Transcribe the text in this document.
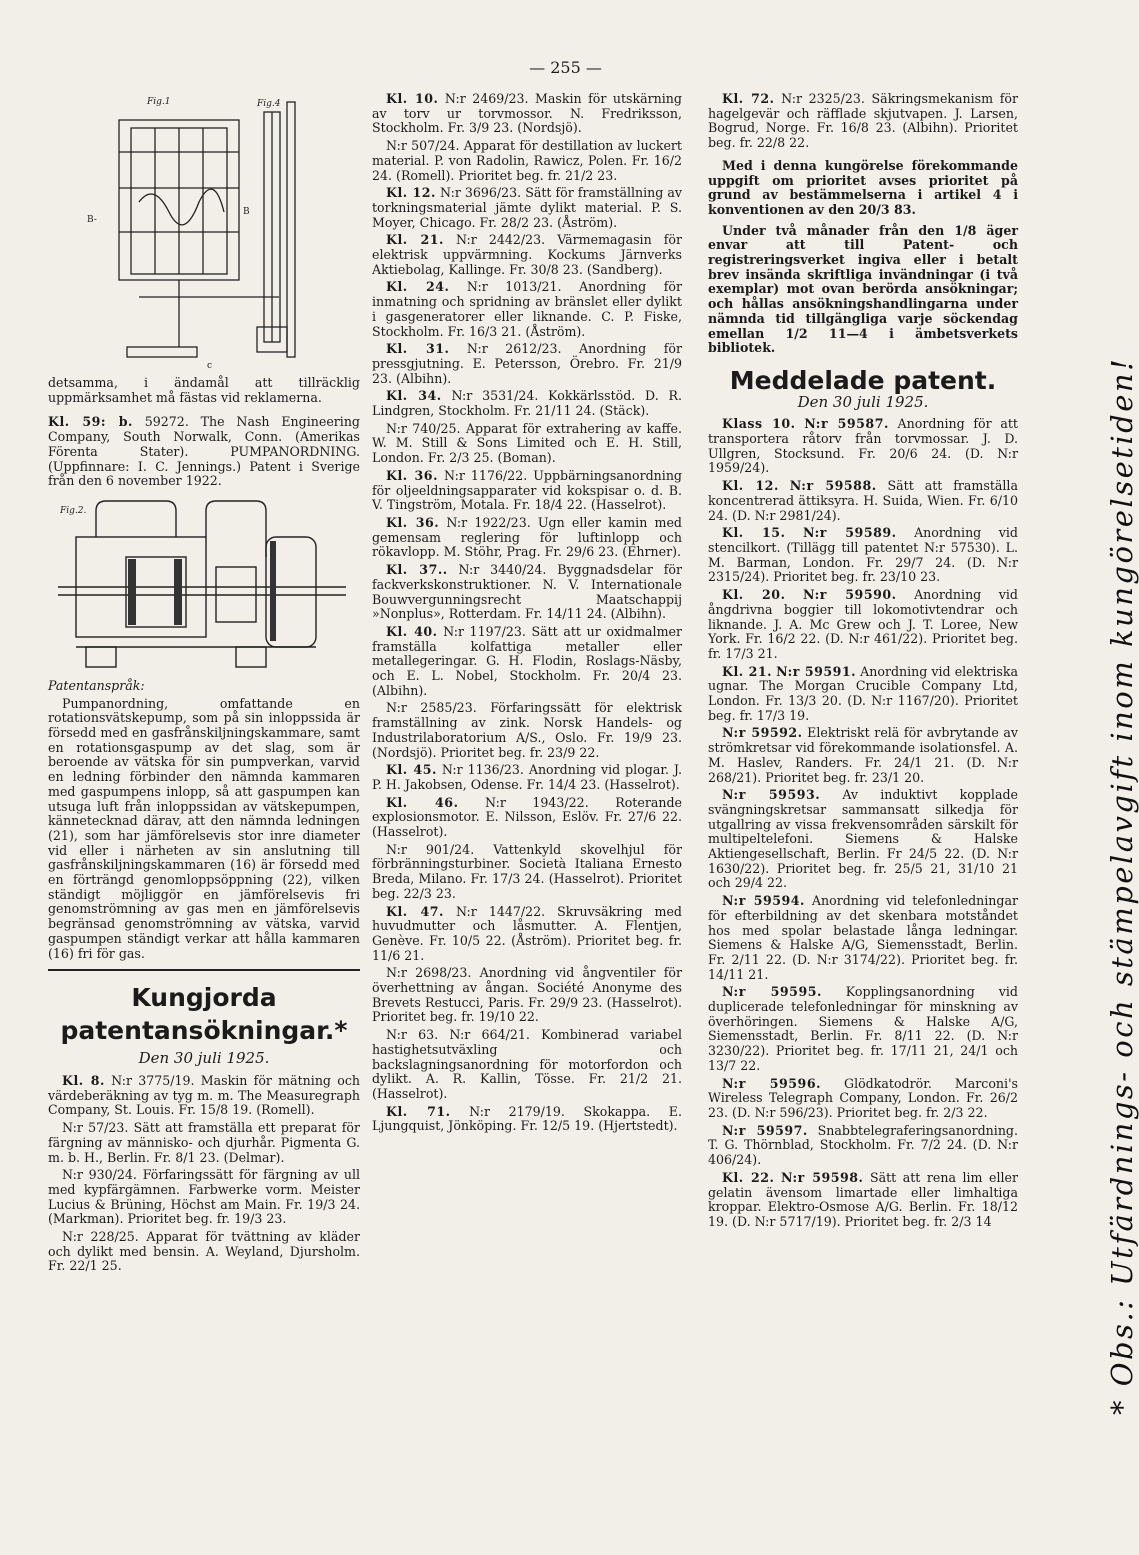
— 255 —
Fig.1	Fig.4
B-
B
c

detsamma, i ändamål att tillräcklig uppmärksamhet må fästas vid reklamerna.

Kl. 59: b. 59272. The Nash Engineering Company, South Norwalk, Conn. (Amerikas Förenta Stater). PUMPANORDNING. (Uppfinnare: I. C. Jennings.) Patent i Sverige från den 6 november 1922.

Fig.2.

Patentanspråk:

Pumpanordning, omfattande en rotationsvätskepump, som på sin inloppssida är försedd med en gasfrånskiljningskammare, samt en rotationsgaspump av det slag, som är beroende av vätska för sin pumpverkan, varvid en ledning förbinder den nämnda kammaren med gaspumpens inlopp, så att gaspumpen kan utsuga luft från inloppssidan av vätskepumpen, kännetecknad därav, att den nämnda ledningen (21), som har jämförelsevis stor inre diameter vid eller i närheten av sin anslutning till gasfrånskiljningskammaren (16) är försedd med en förträngd genomloppsöppning (22), vilken ständigt möjliggör en jämförelsevis fri genomströmning av gas men en jämförelsevis begränsad genomströmning av vätska, varvid gaspumpen ständigt verkar att hålla kammaren (16) fri för gas.

Kungjorda patentansökningar.*
Den 30 juli 1925.

Kl. 8. N:r 3775/19. Maskin för mätning och värdeberäkning av tyg m. m. The Measuregraph Company, St. Louis. Fr. 15/8 19. (Romell).

N:r 57/23. Sätt att framställa ett preparat för färgning av människo- och djurhår. Pigmenta G. m. b. H., Berlin. Fr. 8/1 23. (Delmar).

N:r 930/24. Förfaringssätt för färgning av ull med kypfärgämnen. Farbwerke vorm. Meister Lucius & Brüning, Höchst am Main. Fr. 19/3 24. (Markman). Prioritet beg. fr. 19/3 23.

N:r 228/25. Apparat för tvättning av kläder och dylikt med bensin. A. Weyland, Djursholm. Fr. 22/1 25.

Kl. 10. N:r 2469/23. Maskin för utskärning av torv ur torvmossor. N. Fredriksson, Stockholm. Fr. 3/9 23. (Nordsjö).

N:r 507/24. Apparat för destillation av luckert material. P. von Radolin, Rawicz, Polen. Fr. 16/2 24. (Romell). Prioritet beg. fr. 21/2 23.

Kl. 12. N:r 3696/23. Sätt för framställning av torkningsmaterial jämte dylikt material. P. S. Moyer, Chicago. Fr. 28/2 23. (Åström).

Kl. 21. N:r 2442/23. Värmemagasin för elektrisk uppvärmning. Kockums Järnverks Aktiebolag, Kallinge. Fr. 30/8 23. (Sandberg).

Kl. 24. N:r 1013/21. Anordning för inmatning och spridning av bränslet eller dylikt i gasgeneratorer eller liknande. C. P. Fiske, Stockholm. Fr. 16/3 21. (Åström).

Kl. 31. N:r 2612/23. Anordning för pressgjutning. E. Petersson, Örebro. Fr. 21/9 23. (Albihn).

Kl. 34. N:r 3531/24. Kokkärlsstöd. D. R. Lindgren, Stockholm. Fr. 21/11 24. (Stäck).

N:r 740/25. Apparat för extrahering av kaffe. W. M. Still & Sons Limited och E. H. Still, London. Fr. 2/3 25. (Boman).

Kl. 36. N:r 1176/22. Uppbärningsanordning för oljeeldningsapparater vid kokspisar o. d. B. V. Tingström, Motala. Fr. 18/4 22. (Hasselrot).

Kl. 36. N:r 1922/23. Ugn eller kamin med gemensam reglering för luftinlopp och rökavlopp. M. Stöhr, Prag. Fr. 29/6 23. (Ehrner).

Kl. 37.. N:r 3440/24. Byggnadsdelar för fackverkskonstruktioner. N. V. Internationale Bouwvergunningsrecht Maatschappij »Nonplus», Rotterdam. Fr. 14/11 24. (Albihn).

Kl. 40. N:r 1197/23. Sätt att ur oxidmalmer framställa kolfattiga metaller eller metallegeringar. G. H. Flodin, Roslags-Näsby, och E. L. Nobel, Stockholm. Fr. 20/4 23. (Albihn).

N:r 2585/23. Förfaringssätt för elektrisk framställning av zink. Norsk Handels- og Industrilaboratorium A/S., Oslo. Fr. 19/9 23. (Nordsjö). Prioritet beg. fr. 23/9 22.

Kl. 45. N:r 1136/23. Anordning vid plogar. J. P. H. Jakobsen, Odense. Fr. 14/4 23. (Hasselrot).

Kl. 46. N:r 1943/22. Roterande explosionsmotor. E. Nilsson, Eslöv. Fr. 27/6 22. (Hasselrot).

N:r 901/24. Vattenkyld skovelhjul för förbränningsturbiner. Società Italiana Ernesto Breda, Milano. Fr. 17/3 24. (Hasselrot). Prioritet beg. 22/3 23.

Kl. 47. N:r 1447/22. Skruvsäkring med huvudmutter och låsmutter. A. Flentjen, Genève. Fr. 10/5 22. (Åström). Prioritet beg. fr. 11/6 21.

N:r 2698/23. Anordning vid ångventiler för överhettning av ångan. Société Anonyme des Brevets Restucci, Paris. Fr. 29/9 23. (Hasselrot). Prioritet beg. fr. 19/10 22.

N:r 63. N:r 664/21. Kombinerad variabel hastighetsutväxling och backslagningsanordning för motorfordon och dylikt. A. R. Kallin, Tösse. Fr. 21/2 21. (Hasselrot).

Kl. 71. N:r 2179/19. Skokappa. E. Ljungquist, Jönköping. Fr. 12/5 19. (Hjertstedt).

Kl. 72. N:r 2325/23. Säkringsmekanism för hagelgevär och räfflade skjutvapen. J. Larsen, Bogrud, Norge. Fr. 16/8 23. (Albihn). Prioritet beg. fr. 22/8 22.

Med i denna kungörelse förekommande uppgift om prioritet avses prioritet på grund av bestämmelserna i artikel 4 i konventionen av den 20/3 83.

Under två månader från den 1/8 äger envar att till Patent- och registreringsverket ingiva eller i betalt brev insända skriftliga invändningar (i två exemplar) mot ovan berörda ansökningar; och hållas ansökningshandlingarna under nämnda tid tillgängliga varje söckendag emellan 1/2 11—4 i ämbetsverkets bibliotek.

Meddelade patent.
Den 30 juli 1925.

Klass 10. N:r 59587. Anordning för att transportera råtorv från torvmossar. J. D. Ullgren, Stocksund. Fr. 20/6 24. (D. N:r 1959/24).

Kl. 12. N:r 59588. Sätt att framställa koncentrerad ättiksyra. H. Suida, Wien. Fr. 6/10 24. (D. N:r 2981/24).

Kl. 15. N:r 59589. Anordning vid stencilkort. (Tillägg till patentet N:r 57530). L. M. Barman, London. Fr. 29/7 24. (D. N:r 2315/24). Prioritet beg. fr. 23/10 23.

Kl. 20. N:r 59590. Anordning vid ångdrivna boggier till lokomotivtendrar och liknande. J. A. Mc Grew och J. T. Loree, New York. Fr. 16/2 22. (D. N:r 461/22). Prioritet beg. fr. 17/3 21.

Kl. 21. N:r 59591. Anordning vid elektriska ugnar. The Morgan Crucible Company Ltd, London. Fr. 13/3 20. (D. N:r 1167/20). Prioritet beg. fr. 17/3 19.

N:r 59592. Elektriskt relä för avbrytande av strömkretsar vid förekommande isolationsfel. A. M. Haslev, Randers. Fr. 24/1 21. (D. N:r 268/21). Prioritet beg. fr. 23/1 20.

N:r 59593. Av induktivt kopplade svängningskretsar sammansatt silkedja för utgallring av vissa frekvensområden särskilt för multipeltelefoni. Siemens & Halske Aktiengesellschaft, Berlin. Fr 24/5 22. (D. N:r 1630/22). Prioritet beg. fr. 25/5 21, 31/10 21 och 29/4 22.

N:r 59594. Anordning vid telefonledningar för efterbildning av det skenbara motståndet hos med spolar belastade långa ledningar. Siemens & Halske A/G, Siemensstadt, Berlin. Fr. 2/11 22. (D. N:r 3174/22). Prioritet beg. fr. 14/11 21.

N:r 59595. Kopplingsanordning vid duplicerade telefonledningar för minskning av överhöringen. Siemens & Halske A/G, Siemensstadt, Berlin. Fr. 8/11 22. (D. N:r 3230/22). Prioritet beg. fr. 17/11 21, 24/1 och 13/7 22.

N:r 59596. Glödkatodrör. Marconi's Wireless Telegraph Company, London. Fr. 26/2 23. (D. N:r 596/23). Prioritet beg. fr. 2/3 22.

N:r 59597. Snabbtelegraferingsanordning. T. G. Thörnblad, Stockholm. Fr. 7/2 24. (D. N:r 406/24).

Kl. 22. N:r 59598. Sätt att rena lim eller gelatin ävensom limartade eller limhaltiga kroppar. Elektro-Osmose A/G. Berlin. Fr. 18/12 19. (D. N:r 5717/19). Prioritet beg. fr. 2/3 14	* Obs.: Utfärdnings- och stämpelavgift inom kungörelsetiden!
